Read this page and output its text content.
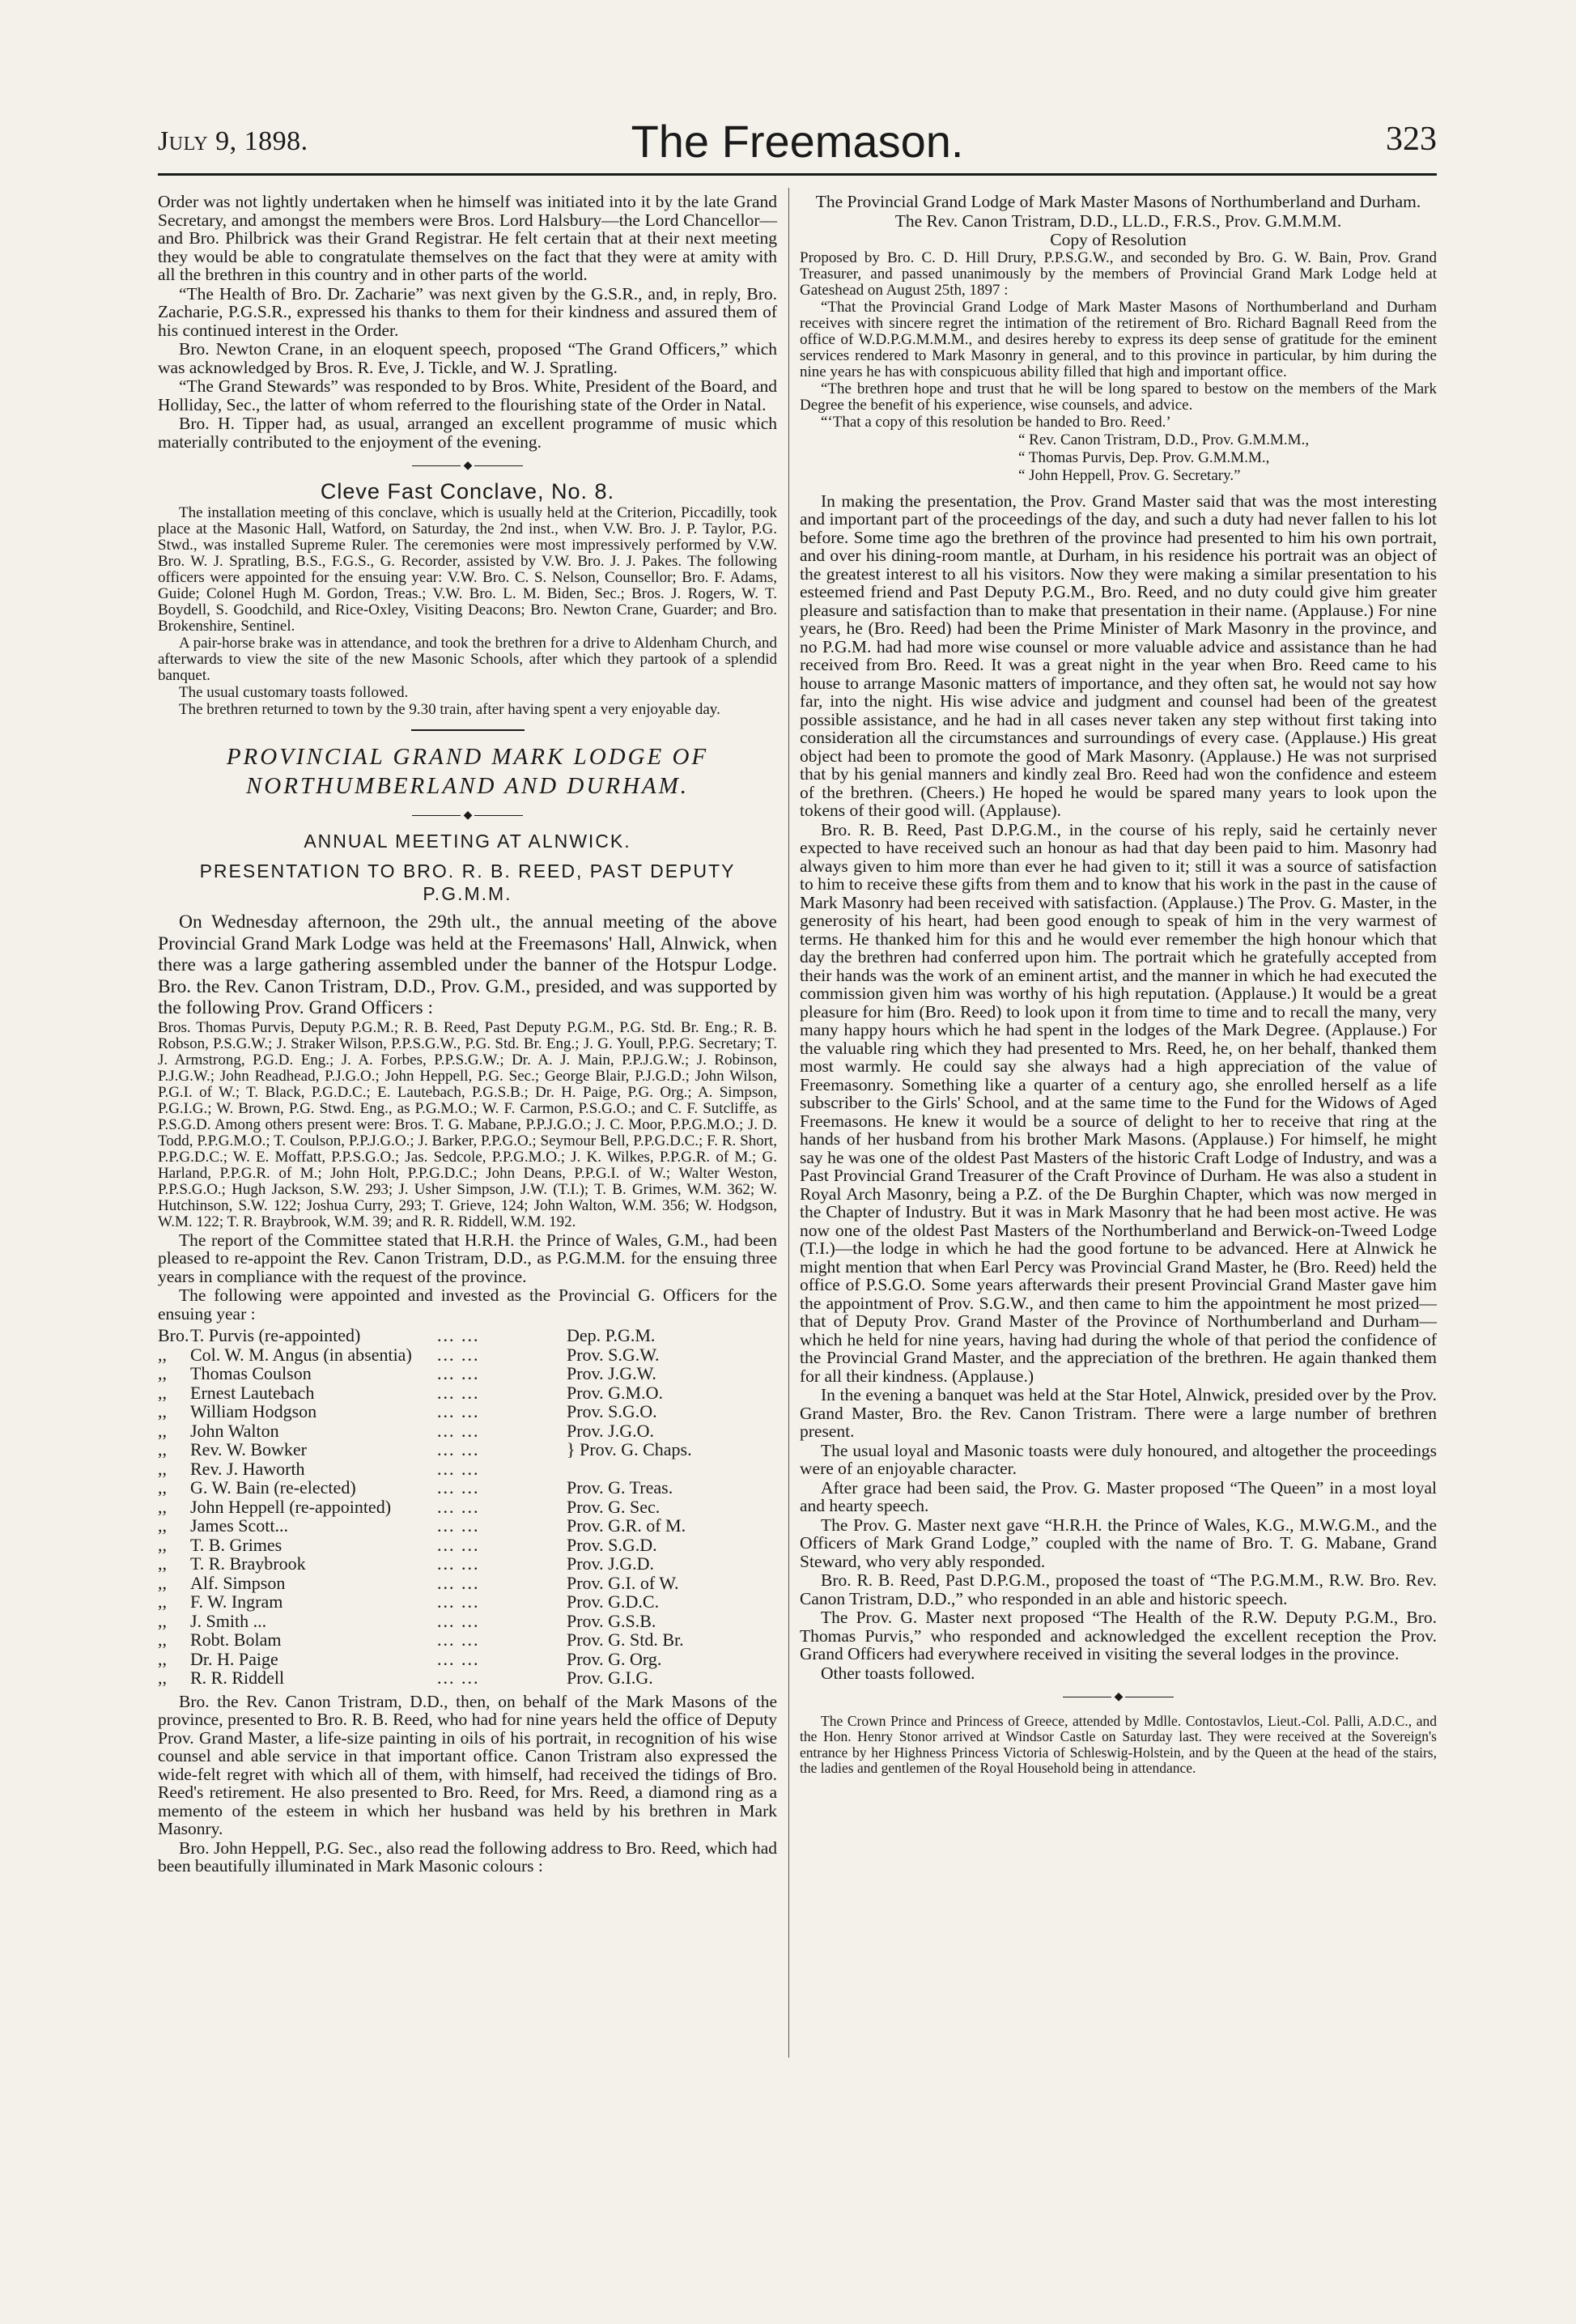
July 9, 1898.	The Freemason.	323

Order was not lightly undertaken when he himself was initiated into it by the late Grand Secretary, and amongst the members were Bros. Lord Halsbury—the Lord Chancellor—and Bro. Philbrick was their Grand Registrar. He felt certain that at their next meeting they would be able to congratulate themselves on the fact that they were at amity with all the brethren in this country and in other parts of the world.

“The Health of Bro. Dr. Zacharie” was next given by the G.S.R., and, in reply, Bro. Zacharie, P.G.S.R., expressed his thanks to them for their kindness and assured them of his continued interest in the Order.

Bro. Newton Crane, in an eloquent speech, proposed “The Grand Officers,” which was acknowledged by Bros. R. Eve, J. Tickle, and W. J. Spratling.

“The Grand Stewards” was responded to by Bros. White, President of the Board, and Holliday, Sec., the latter of whom referred to the flourishing state of the Order in Natal.

Bro. H. Tipper had, as usual, arranged an excellent programme of music which materially contributed to the enjoyment of the evening.

◆
Cleve Fast Conclave, No. 8.

The installation meeting of this conclave, which is usually held at the Criterion, Piccadilly, took place at the Masonic Hall, Watford, on Saturday, the 2nd inst., when V.W. Bro. J. P. Taylor, P.G. Stwd., was installed Supreme Ruler. The ceremonies were most impressively performed by V.W. Bro. W. J. Spratling, B.S., F.G.S., G. Recorder, assisted by V.W. Bro. J. J. Pakes. The following officers were appointed for the ensuing year: V.W. Bro. C. S. Nelson, Counsellor; Bro. F. Adams, Guide; Colonel Hugh M. Gordon, Treas.; V.W. Bro. L. M. Biden, Sec.; Bros. J. Rogers, W. T. Boydell, S. Goodchild, and Rice-Oxley, Visiting Deacons; Bro. Newton Crane, Guarder; and Bro. Brokenshire, Sentinel.

A pair-horse brake was in attendance, and took the brethren for a drive to Aldenham Church, and afterwards to view the site of the new Masonic Schools, after which they partook of a splendid banquet.

The usual customary toasts followed.

The brethren returned to town by the 9.30 train, after having spent a very enjoyable day.

PROVINCIAL GRAND MARK LODGE OF NORTHUMBERLAND AND DURHAM.
◆
ANNUAL MEETING AT ALNWICK.
PRESENTATION TO BRO. R. B. REED, PAST DEPUTY P.G.M.M.

On Wednesday afternoon, the 29th ult., the annual meeting of the above Provincial Grand Mark Lodge was held at the Freemasons' Hall, Alnwick, when there was a large gathering assembled under the banner of the Hotspur Lodge. Bro. the Rev. Canon Tristram, D.D., Prov. G.M., presided, and was supported by the following Prov. Grand Officers :

Bros. Thomas Purvis, Deputy P.G.M.; R. B. Reed, Past Deputy P.G.M., P.G. Std. Br. Eng.; R. B. Robson, P.S.G.W.; J. Straker Wilson, P.P.S.G.W., P.G. Std. Br. Eng.; J. G. Youll, P.P.G. Secretary; T. J. Armstrong, P.G.D. Eng.; J. A. Forbes, P.P.S.G.W.; Dr. A. J. Main, P.P.J.G.W.; J. Robinson, P.J.G.W.; John Readhead, P.J.G.O.; John Heppell, P.G. Sec.; George Blair, P.J.G.D.; John Wilson, P.G.I. of W.; T. Black, P.G.D.C.; E. Lautebach, P.G.S.B.; Dr. H. Paige, P.G. Org.; A. Simpson, P.G.I.G.; W. Brown, P.G. Stwd. Eng., as P.G.M.O.; W. F. Carmon, P.S.G.O.; and C. F. Sutcliffe, as P.S.G.D. Among others present were: Bros. T. G. Mabane, P.P.J.G.O.; J. C. Moor, P.P.G.M.O.; J. D. Todd, P.P.G.M.O.; T. Coulson, P.P.J.G.O.; J. Barker, P.P.G.O.; Seymour Bell, P.P.G.D.C.; F. R. Short, P.P.G.D.C.; W. E. Moffatt, P.P.S.G.O.; Jas. Sedcole, P.P.G.M.O.; J. K. Wilkes, P.P.G.R. of M.; G. Harland, P.P.G.R. of M.; John Holt, P.P.G.D.C.; John Deans, P.P.G.I. of W.; Walter Weston, P.P.S.G.O.; Hugh Jackson, S.W. 293; J. Usher Simpson, J.W. (T.I.); T. B. Grimes, W.M. 362; W. Hutchinson, S.W. 122; Joshua Curry, 293; T. Grieve, 124; John Walton, W.M. 356; W. Hodgson, W.M. 122; T. R. Braybrook, W.M. 39; and R. R. Riddell, W.M. 192.

The report of the Committee stated that H.R.H. the Prince of Wales, G.M., had been pleased to re-appoint the Rev. Canon Tristram, D.D., as P.G.M.M. for the ensuing three years in compliance with the request of the province.

The following were appointed and invested as the Provincial G. Officers for the ensuing year :

Bro.	T. Purvis (re-appointed)	... ...	Dep. P.G.M.
,,	Col. W. M. Angus (in absentia)	... ...	Prov. S.G.W.
,,	Thomas Coulson	... ...	Prov. J.G.W.
,,	Ernest Lautebach	... ...	Prov. G.M.O.
,,	William Hodgson	... ...	Prov. S.G.O.
,,	John Walton	... ...	Prov. J.G.O.
,,	Rev. W. Bowker	... ...	} Prov. G. Chaps.
,,	Rev. J. Haworth	... ...	
,,	G. W. Bain (re-elected)	... ...	Prov. G. Treas.
,,	John Heppell (re-appointed)	... ...	Prov. G. Sec.
,,	James Scott...	... ...	Prov. G.R. of M.
,,	T. B. Grimes	... ...	Prov. S.G.D.
,,	T. R. Braybrook	... ...	Prov. J.G.D.
,,	Alf. Simpson	... ...	Prov. G.I. of W.
,,	F. W. Ingram	... ...	Prov. G.D.C.
,,	J. Smith ...	... ...	Prov. G.S.B.
,,	Robt. Bolam	... ...	Prov. G. Std. Br.
,,	Dr. H. Paige	... ...	Prov. G. Org.
,,	R. R. Riddell	... ...	Prov. G.I.G.

Bro. the Rev. Canon Tristram, D.D., then, on behalf of the Mark Masons of the province, presented to Bro. R. B. Reed, who had for nine years held the office of Deputy Prov. Grand Master, a life-size painting in oils of his portrait, in recognition of his wise counsel and able service in that important office. Canon Tristram also expressed the wide-felt regret with which all of them, with himself, had received the tidings of Bro. Reed's retirement. He also presented to Bro. Reed, for Mrs. Reed, a diamond ring as a memento of the esteem in which her husband was held by his brethren in Mark Masonry.

Bro. John Heppell, P.G. Sec., also read the following address to Bro. Reed, which had been beautifully illuminated in Mark Masonic colours :

The Provincial Grand Lodge of Mark Master Masons of Northumberland and Durham.

The Rev. Canon Tristram, D.D., LL.D., F.R.S., Prov. G.M.M.M.

Copy of Resolution

Proposed by Bro. C. D. Hill Drury, P.P.S.G.W., and seconded by Bro. G. W. Bain, Prov. Grand Treasurer, and passed unanimously by the members of Provincial Grand Mark Lodge held at Gateshead on August 25th, 1897 :

“That the Provincial Grand Lodge of Mark Master Masons of Northumberland and Durham receives with sincere regret the intimation of the retirement of Bro. Richard Bagnall Reed from the office of W.D.P.G.M.M.M., and desires hereby to express its deep sense of gratitude for the eminent services rendered to Mark Masonry in general, and to this province in particular, by him during the nine years he has with conspicuous ability filled that high and important office.

“The brethren hope and trust that he will be long spared to bestow on the members of the Mark Degree the benefit of his experience, wise counsels, and advice.

“‘That a copy of this resolution be handed to Bro. Reed.’

“ Rev. Canon Tristram, D.D., Prov. G.M.M.M.,

“ Thomas Purvis, Dep. Prov. G.M.M.M.,

“ John Heppell, Prov. G. Secretary.”

In making the presentation, the Prov. Grand Master said that was the most interesting and important part of the proceedings of the day, and such a duty had never fallen to his lot before. Some time ago the brethren of the province had presented to him his own portrait, and over his dining-room mantle, at Durham, in his residence his portrait was an object of the greatest interest to all his visitors. Now they were making a similar presentation to his esteemed friend and Past Deputy P.G.M., Bro. Reed, and no duty could give him greater pleasure and satisfaction than to make that presentation in their name. (Applause.) For nine years, he (Bro. Reed) had been the Prime Minister of Mark Masonry in the province, and no P.G.M. had had more wise counsel or more valuable advice and assistance than he had received from Bro. Reed. It was a great night in the year when Bro. Reed came to his house to arrange Masonic matters of importance, and they often sat, he would not say how far, into the night. His wise advice and judgment and counsel had been of the greatest possible assistance, and he had in all cases never taken any step without first taking into consideration all the circumstances and surroundings of every case. (Applause.) His great object had been to promote the good of Mark Masonry. (Applause.) He was not surprised that by his genial manners and kindly zeal Bro. Reed had won the confidence and esteem of the brethren. (Cheers.) He hoped he would be spared many years to look upon the tokens of their good will. (Applause).

Bro. R. B. Reed, Past D.P.G.M., in the course of his reply, said he certainly never expected to have received such an honour as had that day been paid to him. Masonry had always given to him more than ever he had given to it; still it was a source of satisfaction to him to receive these gifts from them and to know that his work in the past in the cause of Mark Masonry had been received with satisfaction. (Applause.) The Prov. G. Master, in the generosity of his heart, had been good enough to speak of him in the very warmest of terms. He thanked him for this and he would ever remember the high honour which that day the brethren had conferred upon him. The portrait which he gratefully accepted from their hands was the work of an eminent artist, and the manner in which he had executed the commission given him was worthy of his high reputation. (Applause.) It would be a great pleasure for him (Bro. Reed) to look upon it from time to time and to recall the many, very many happy hours which he had spent in the lodges of the Mark Degree. (Applause.) For the valuable ring which they had presented to Mrs. Reed, he, on her behalf, thanked them most warmly. He could say she always had a high appreciation of the value of Freemasonry. Something like a quarter of a century ago, she enrolled herself as a life subscriber to the Girls' School, and at the same time to the Fund for the Widows of Aged Freemasons. He knew it would be a source of delight to her to receive that ring at the hands of her husband from his brother Mark Masons. (Applause.) For himself, he might say he was one of the oldest Past Masters of the historic Craft Lodge of Industry, and was a Past Provincial Grand Treasurer of the Craft Province of Durham. He was also a student in Royal Arch Masonry, being a P.Z. of the De Burghin Chapter, which was now merged in the Chapter of Industry. But it was in Mark Masonry that he had been most active. He was now one of the oldest Past Masters of the Northumberland and Berwick-on-Tweed Lodge (T.I.)—the lodge in which he had the good fortune to be advanced. Here at Alnwick he might mention that when Earl Percy was Provincial Grand Master, he (Bro. Reed) held the office of P.S.G.O. Some years afterwards their present Provincial Grand Master gave him the appointment of Prov. S.G.W., and then came to him the appointment he most prized—that of Deputy Prov. Grand Master of the Province of Northumberland and Durham—which he held for nine years, having had during the whole of that period the confidence of the Provincial Grand Master, and the appreciation of the brethren. He again thanked them for all their kindness. (Applause.)

In the evening a banquet was held at the Star Hotel, Alnwick, presided over by the Prov. Grand Master, Bro. the Rev. Canon Tristram. There were a large number of brethren present.

The usual loyal and Masonic toasts were duly honoured, and altogether the proceedings were of an enjoyable character.

After grace had been said, the Prov. G. Master proposed “The Queen” in a most loyal and hearty speech.

The Prov. G. Master next gave “H.R.H. the Prince of Wales, K.G., M.W.G.M., and the Officers of Mark Grand Lodge,” coupled with the name of Bro. T. G. Mabane, Grand Steward, who very ably responded.

Bro. R. B. Reed, Past D.P.G.M., proposed the toast of “The P.G.M.M., R.W. Bro. Rev. Canon Tristram, D.D.,” who responded in an able and historic speech.

The Prov. G. Master next proposed “The Health of the R.W. Deputy P.G.M., Bro. Thomas Purvis,” who responded and acknowledged the excellent reception the Prov. Grand Officers had everywhere received in visiting the several lodges in the province.

Other toasts followed.

◆

The Crown Prince and Princess of Greece, attended by Mdlle. Contostavlos, Lieut.-Col. Palli, A.D.C., and the Hon. Henry Stonor arrived at Windsor Castle on Saturday last. They were received at the Sovereign's entrance by her Highness Princess Victoria of Schleswig-Holstein, and by the Queen at the head of the stairs, the ladies and gentlemen of the Royal Household being in attendance.
